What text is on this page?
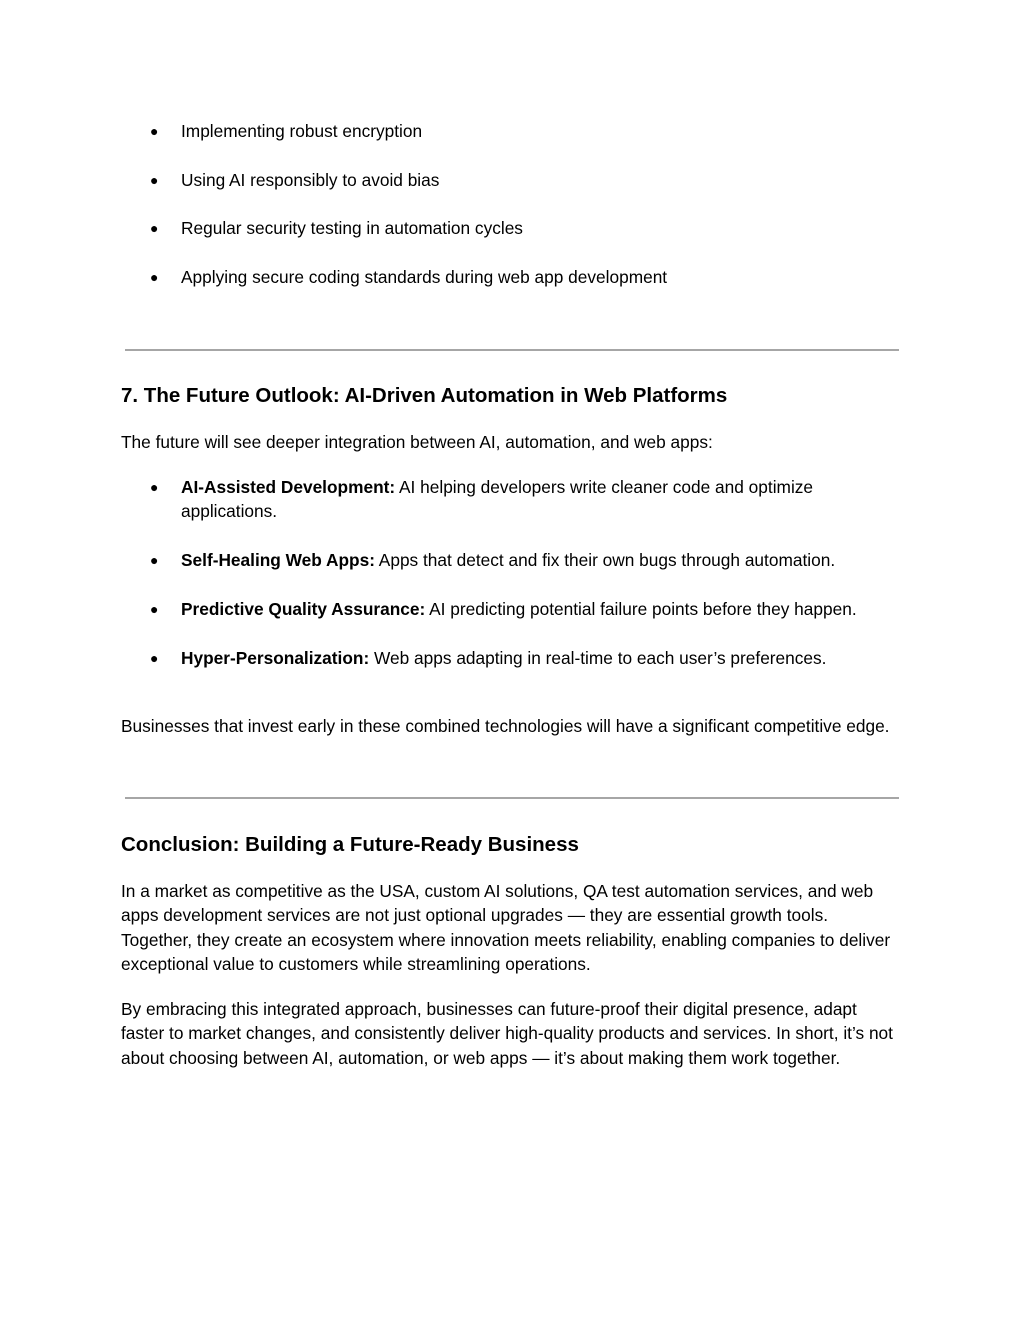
● Implementing robust encryption
● Using AI responsibly to avoid bias
● Regular security testing in automation cycles
● Applying secure coding standards during web app development
7. The Future Outlook: AI-Driven Automation in Web Platforms

The future will see deeper integration between AI, automation, and web apps:

● AI-Assisted Development: AI helping developers write cleaner code and optimize applications.
● Self-Healing Web Apps: Apps that detect and fix their own bugs through automation.
● Predictive Quality Assurance: AI predicting potential failure points before they happen.
● Hyper-Personalization: Web apps adapting in real-time to each user’s preferences.

Businesses that invest early in these combined technologies will have a significant competitive edge.

Conclusion: Building a Future-Ready Business

In a market as competitive as the USA, custom AI solutions, QA test automation services, and web apps development services are not just optional upgrades — they are essential growth tools. Together, they create an ecosystem where innovation meets reliability, enabling companies to deliver exceptional value to customers while streamlining operations.

By embracing this integrated approach, businesses can future-proof their digital presence, adapt faster to market changes, and consistently deliver high-quality products and services. In short, it’s not about choosing between AI, automation, or web apps — it’s about making them work together.
